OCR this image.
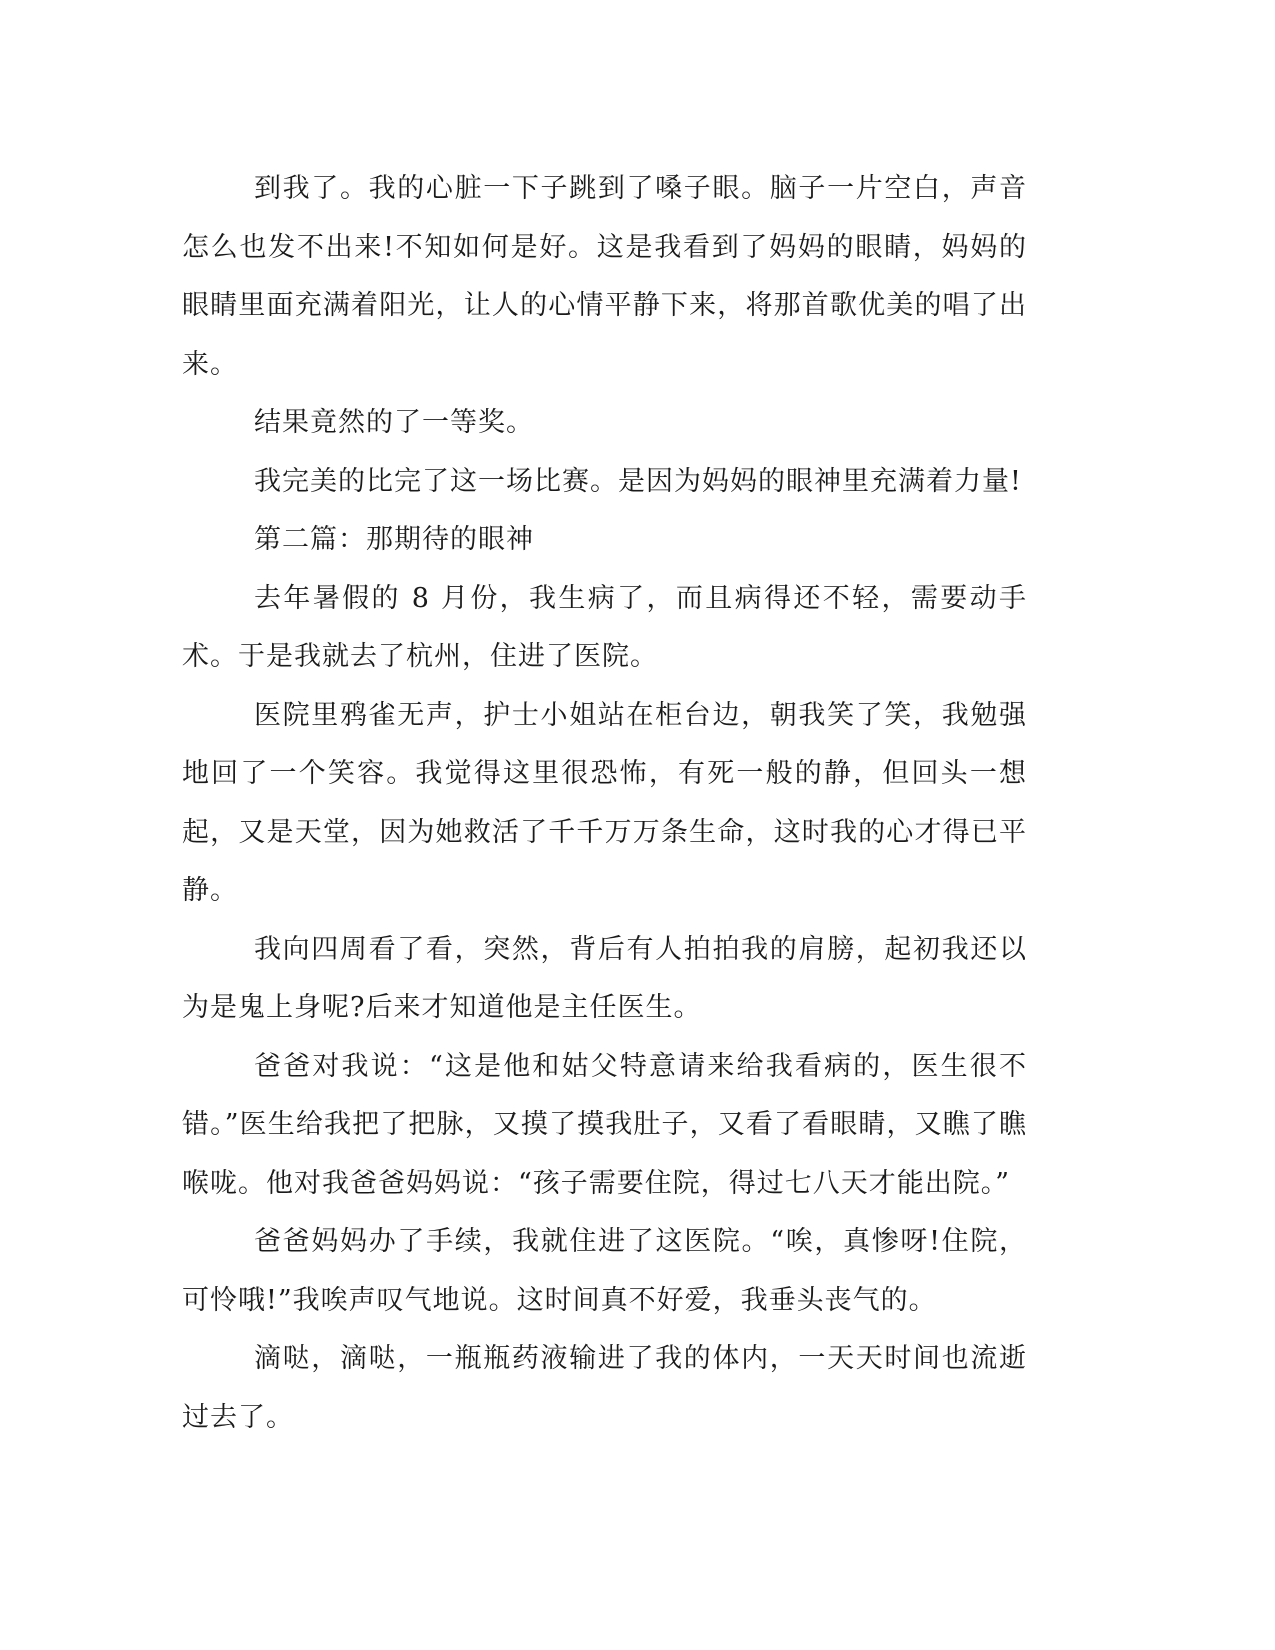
到我了。我的心脏一下子跳到了嗓子眼。脑子一片空白，声音怎么也发不出来!不知如何是好。这是我看到了妈妈的眼睛，妈妈的眼睛里面充满着阳光，让人的心情平静下来，将那首歌优美的唱了出来。

结果竟然的了一等奖。

我完美的比完了这一场比赛。是因为妈妈的眼神里充满着力量!

第二篇：那期待的眼神

去年暑假的 8 月份，我生病了，而且病得还不轻，需要动手术。于是我就去了杭州，住进了医院。

医院里鸦雀无声，护士小姐站在柜台边，朝我笑了笑，我勉强地回了一个笑容。我觉得这里很恐怖，有死一般的静，但回头一想起，又是天堂，因为她救活了千千万万条生命，这时我的心才得已平静。

我向四周看了看，突然，背后有人拍拍我的肩膀，起初我还以为是鬼上身呢?后来才知道他是主任医生。

爸爸对我说：“这是他和姑父特意请来给我看病的，医生很不错。”医生给我把了把脉，又摸了摸我肚子，又看了看眼睛，又瞧了瞧喉咙。他对我爸爸妈妈说：“孩子需要住院，得过七八天才能出院。”

爸爸妈妈办了手续，我就住进了这医院。“唉，真惨呀!住院，可怜哦!”我唉声叹气地说。这时间真不好爱，我垂头丧气的。

滴哒，滴哒，一瓶瓶药液输进了我的体内，一天天时间也流逝过去了。
